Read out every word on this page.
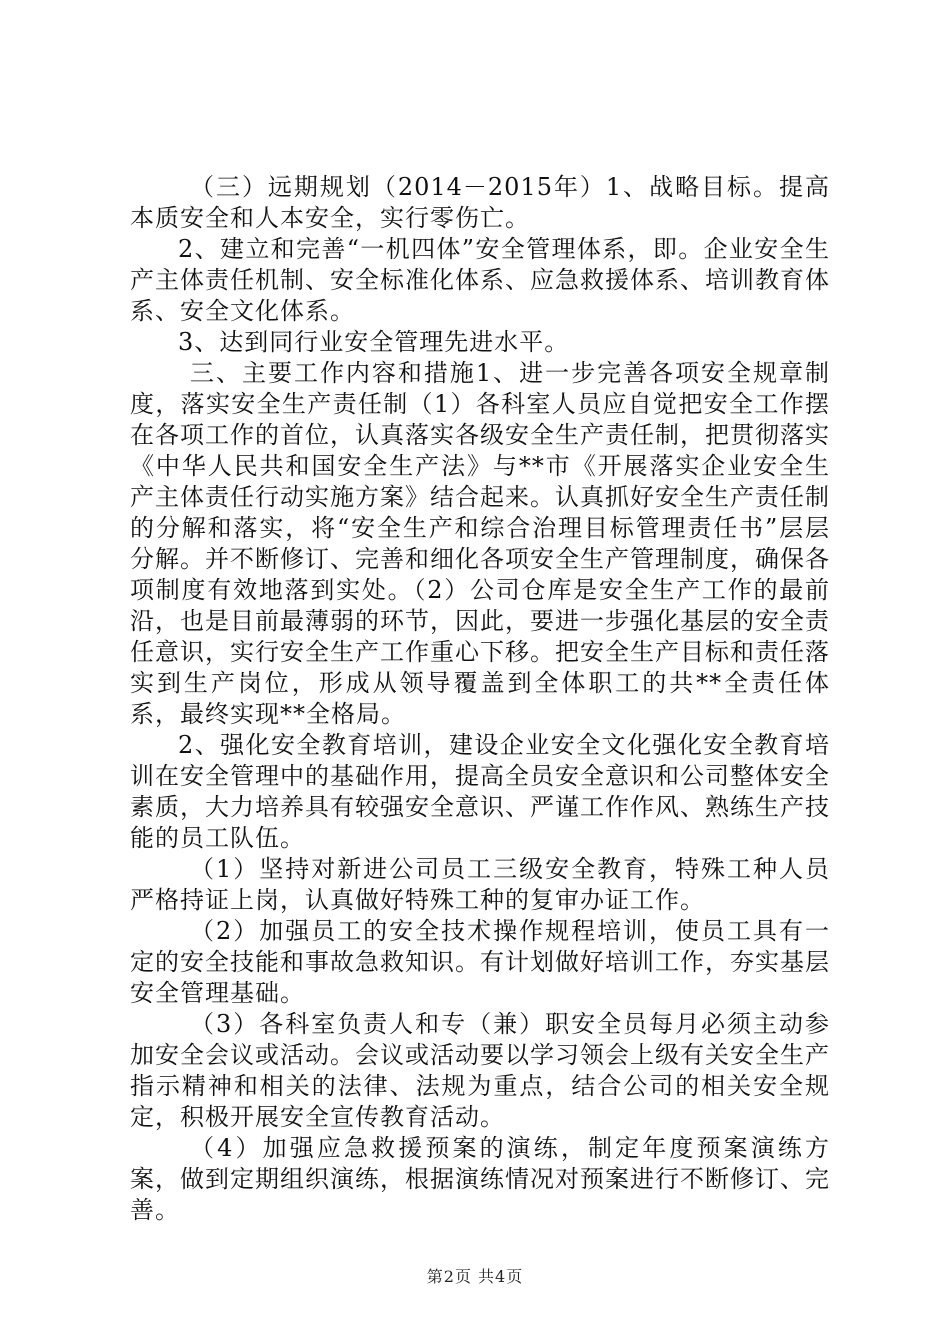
（三）远期规划（2014－2015年）1、战略目标。提高本质安全和人本安全，实行零伤亡。

2、建立和完善“一机四体”安全管理体系，即。企业安全生产主体责任机制、安全标准化体系、应急救援体系、培训教育体系、安全文化体系。

3、达到同行业安全管理先进水平。

三、主要工作内容和措施1、进一步完善各项安全规章制度，落实安全生产责任制（1）各科室人员应自觉把安全工作摆在各项工作的首位，认真落实各级安全生产责任制，把贯彻落实《中华人民共和国安全生产法》与**市《开展落实企业安全生产主体责任行动实施方案》结合起来。认真抓好安全生产责任制的分解和落实，将“安全生产和综合治理目标管理责任书”层层分解。并不断修订、完善和细化各项安全生产管理制度，确保各项制度有效地落到实处。（2）公司仓库是安全生产工作的最前沿，也是目前最薄弱的环节，因此，要进一步强化基层的安全责任意识，实行安全生产工作重心下移。把安全生产目标和责任落实到生产岗位，形成从领导覆盖到全体职工的共**全责任体系，最终实现**全格局。

2、强化安全教育培训，建设企业安全文化强化安全教育培训在安全管理中的基础作用，提高全员安全意识和公司整体安全素质，大力培养具有较强安全意识、严谨工作作风、熟练生产技能的员工队伍。

（1）坚持对新进公司员工三级安全教育，特殊工种人员严格持证上岗，认真做好特殊工种的复审办证工作。

（2）加强员工的安全技术操作规程培训，使员工具有一定的安全技能和事故急救知识。有计划做好培训工作，夯实基层安全管理基础。

（3）各科室负责人和专（兼）职安全员每月必须主动参加安全会议或活动。会议或活动要以学习领会上级有关安全生产指示精神和相关的法律、法规为重点，结合公司的相关安全规定，积极开展安全宣传教育活动。

（4）加强应急救援预案的演练，制定年度预案演练方案，做到定期组织演练，根据演练情况对预案进行不断修订、完善。

第2页 共4页
